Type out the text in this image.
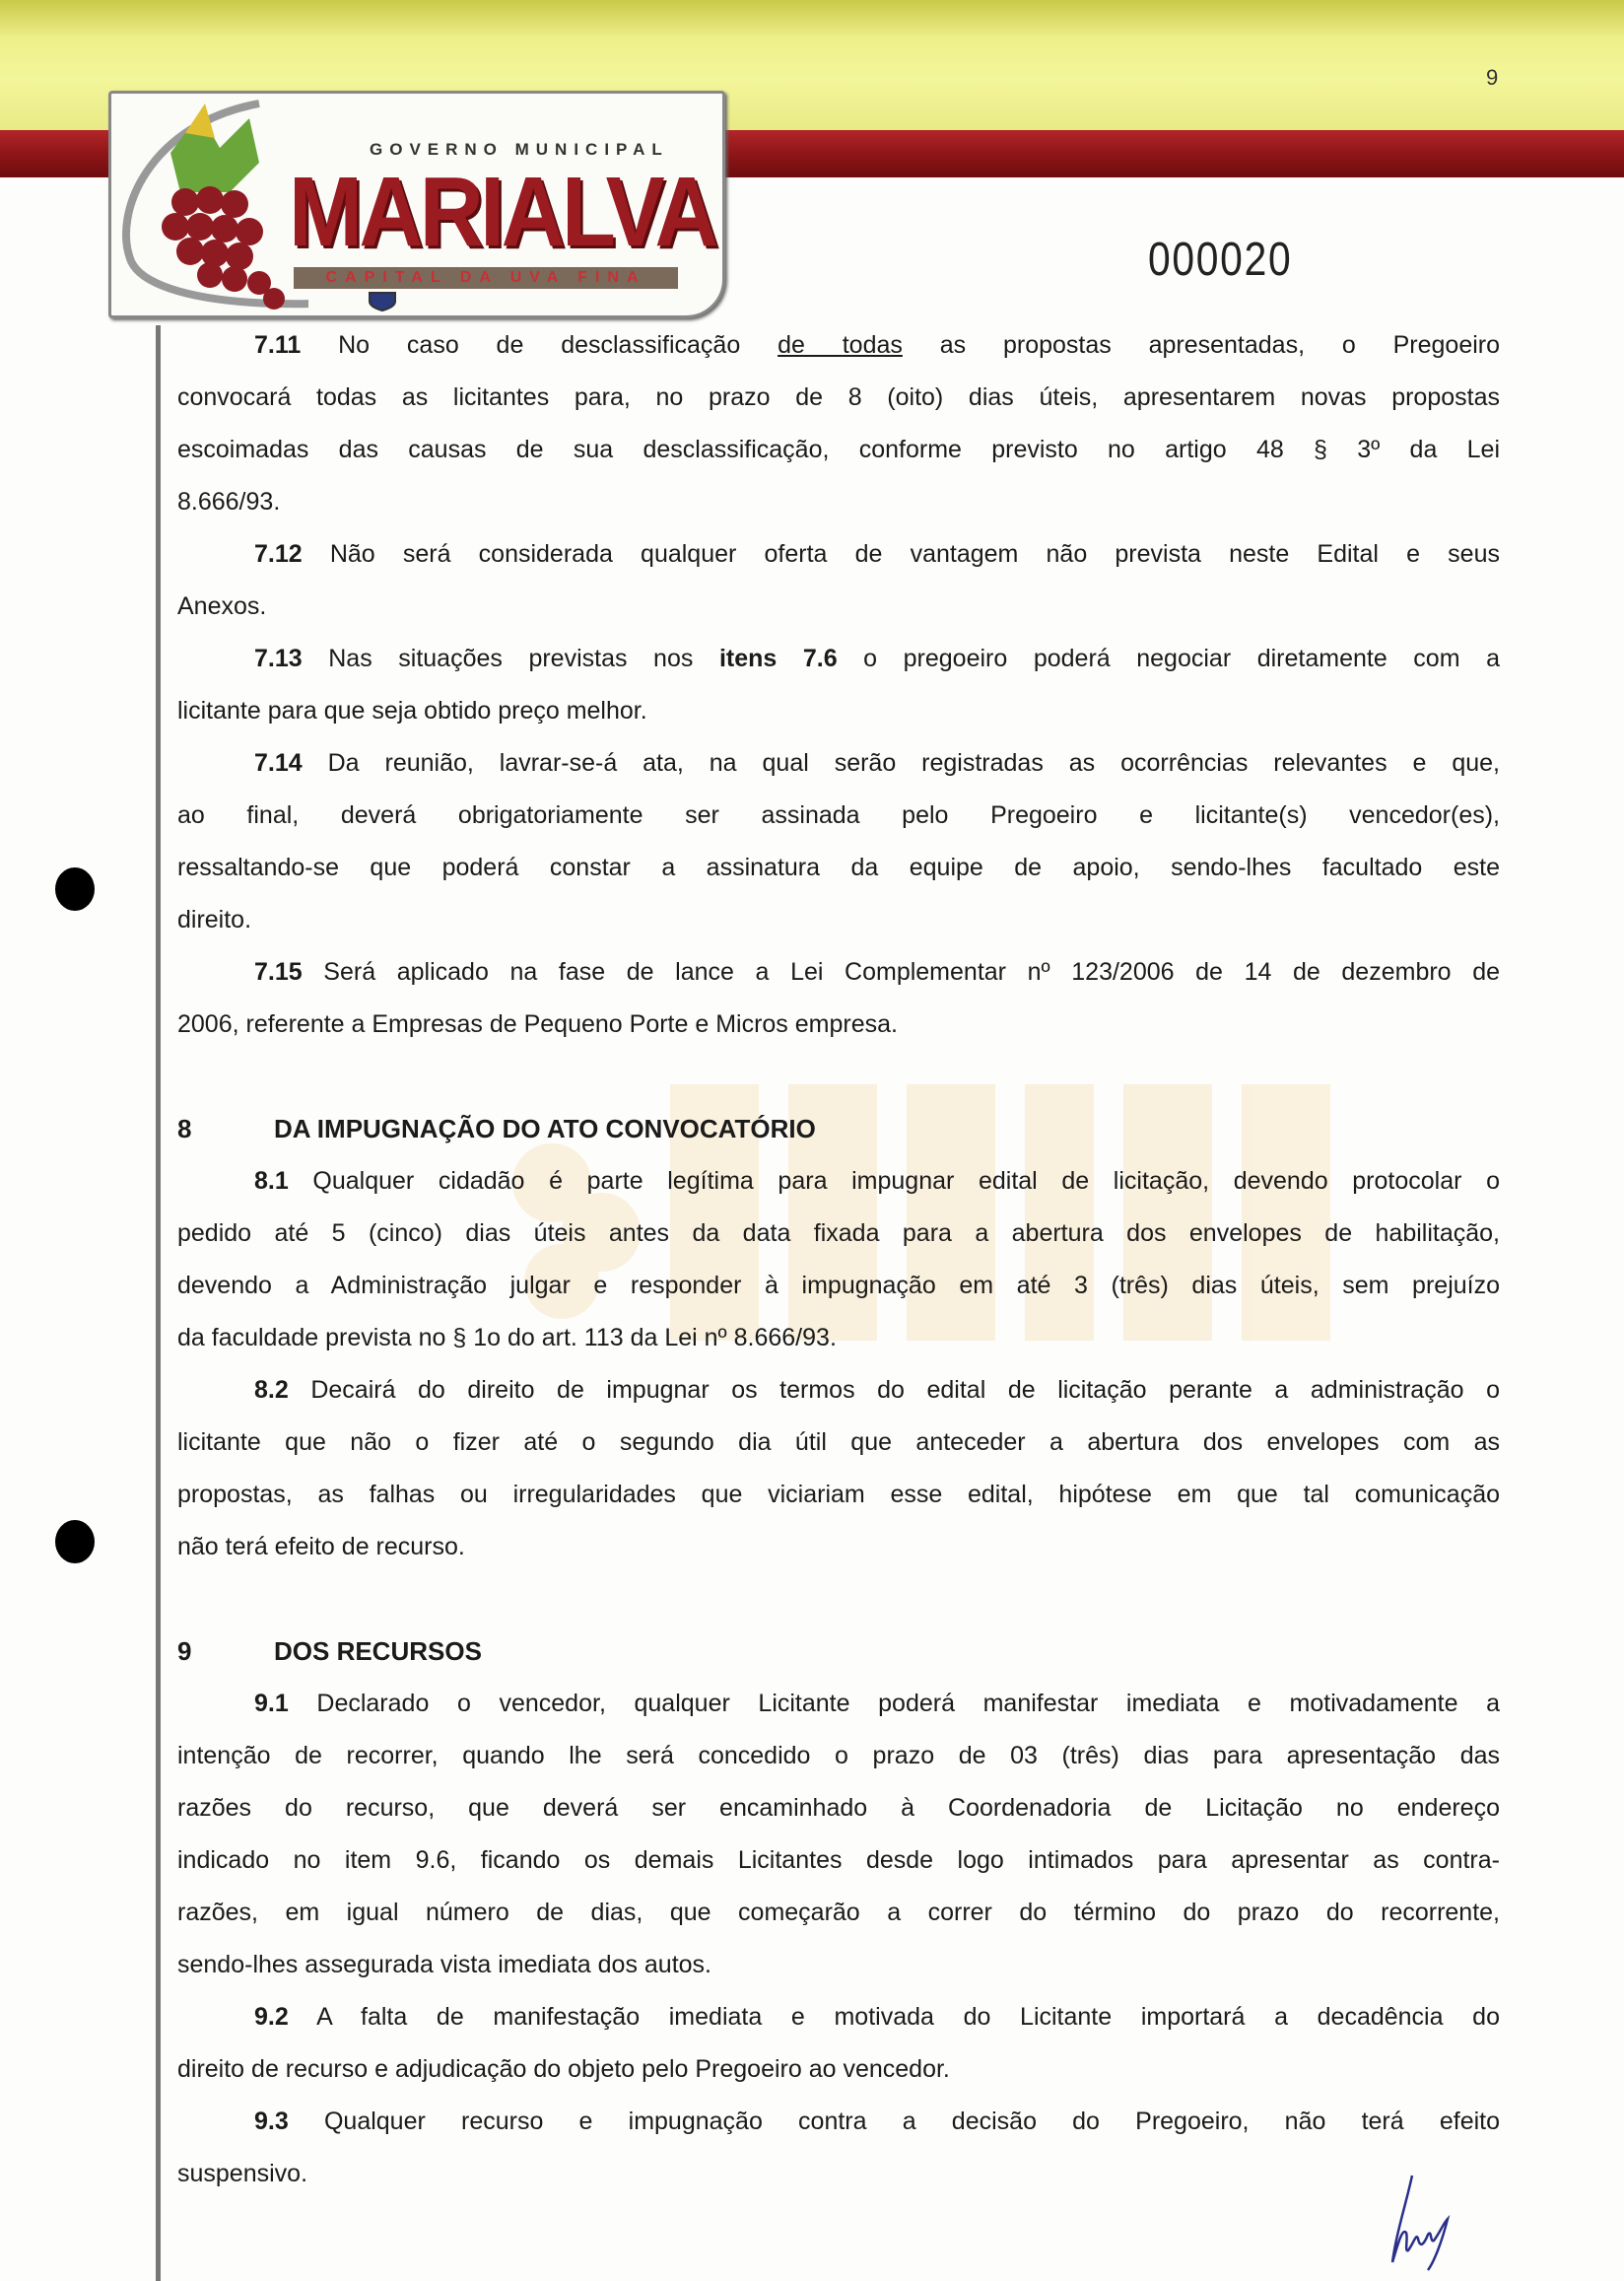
9
GOVERNO MUNICIPAL
MARIALVA
CAPITAL DA UVA FINA	000020
7.11 No caso de desclassificação de todas as propostas apresentadas, o Pregoeiro
convocará todas as licitantes para, no prazo de 8 (oito) dias úteis, apresentarem novas propostas
escoimadas das causas de sua desclassificação, conforme previsto no artigo 48 § 3º da Lei
8.666/93.
7.12 Não será considerada qualquer oferta de vantagem não prevista neste Edital e seus
Anexos.
7.13 Nas situações previstas nos itens 7.6 o pregoeiro poderá negociar diretamente com a
licitante para que seja obtido preço melhor.
7.14 Da reunião, lavrar-se-á ata, na qual serão registradas as ocorrências relevantes e que,
ao final, deverá obrigatoriamente ser assinada pelo Pregoeiro e licitante(s) vencedor(es),
ressaltando-se que poderá constar a assinatura da equipe de apoio, sendo-lhes facultado este
direito.
7.15 Será aplicado na fase de lance a Lei Complementar nº 123/2006 de 14 de dezembro de
2006, referente a Empresas de Pequeno Porte e Micros empresa.
8	DA IMPUGNAÇÃO DO ATO CONVOCATÓRIO
8.1 Qualquer cidadão é parte legítima para impugnar edital de licitação, devendo protocolar o
pedido até 5 (cinco) dias úteis antes da data fixada para a abertura dos envelopes de habilitação,
devendo a Administração julgar e responder à impugnação em até 3 (três) dias úteis, sem prejuízo
da faculdade prevista no § 1o do art. 113 da Lei nº 8.666/93.
8.2 Decairá do direito de impugnar os termos do edital de licitação perante a administração o
licitante que não o fizer até o segundo dia útil que anteceder a abertura dos envelopes com as
propostas, as falhas ou irregularidades que viciariam esse edital, hipótese em que tal comunicação
não terá efeito de recurso.
9	DOS RECURSOS
9.1 Declarado o vencedor, qualquer Licitante poderá manifestar imediata e motivadamente a
intenção de recorrer, quando lhe será concedido o prazo de 03 (três) dias para apresentação das
razões do recurso, que deverá ser encaminhado à Coordenadoria de Licitação no endereço
indicado no item 9.6, ficando os demais Licitantes desde logo intimados para apresentar as contra-
razões, em igual número de dias, que começarão a correr do término do prazo do recorrente,
sendo-lhes assegurada vista imediata dos autos.
9.2 A falta de manifestação imediata e motivada do Licitante importará a decadência do
direito de recurso e adjudicação do objeto pelo Pregoeiro ao vencedor.
9.3 Qualquer recurso e impugnação contra a decisão do Pregoeiro, não terá efeito
suspensivo.
